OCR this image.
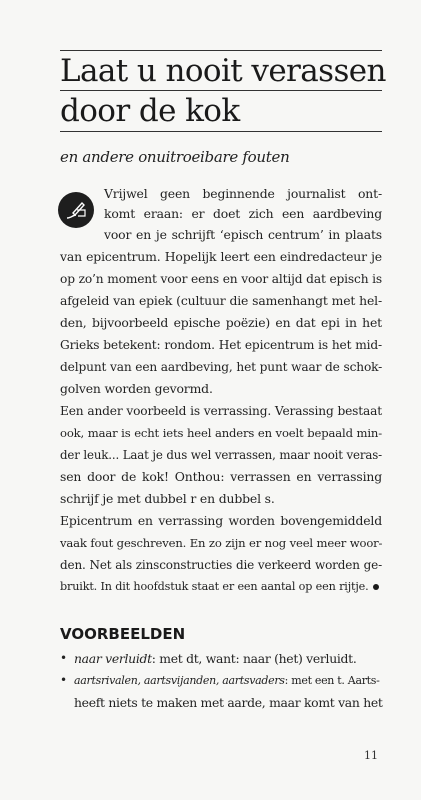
Laat u nooit verassen
door de kok
en andere onuitroeibare fouten
Vrijwel geen beginnende journalist ont-
komt eraan: er doet zich een aardbeving
voor en je schrijft ‘episch centrum’ in plaats
van epicentrum. Hopelijk leert een eindredacteur je
op zo’n moment voor eens en voor altijd dat episch is
afgeleid van epiek (cultuur die samenhangt met hel-
den, bijvoorbeeld epische poëzie) en dat epi in het
Grieks betekent: rondom. Het epicentrum is het mid-
delpunt van een aardbeving, het punt waar de schok-
golven worden gevormd.
Een ander voorbeeld is verrassing. Verassing bestaat
ook, maar is echt iets heel anders en voelt bepaald min-
der leuk... Laat je dus wel verrassen, maar nooit veras-
sen door de kok! Onthou: verrassen en verrassing
schrijf je met dubbel r en dubbel s.
Epicentrum en verrassing worden bovengemiddeld
vaak fout geschreven. En zo zijn er nog veel meer woor-
den. Net als zinsconstructies die verkeerd worden ge-
bruikt. In dit hoofdstuk staat er een aantal op een rijtje.
VOORBEELDEN
• naar verluidt: met dt, want: naar (het) verluidt.
• aartsrivalen, aartsvijanden, aartsvaders: met een t. Aarts-
heeft niets te maken met aarde, maar komt van het
11
